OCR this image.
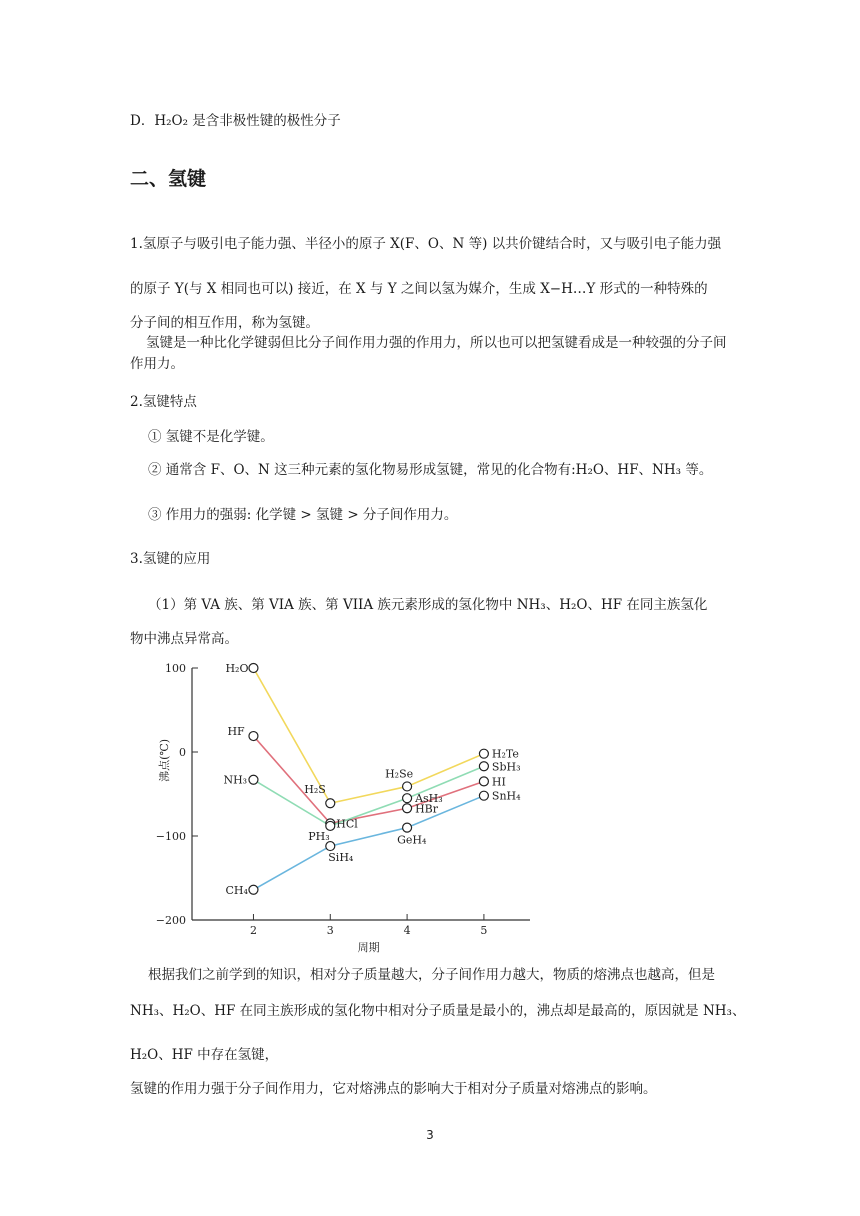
D．H₂O₂ 是含非极性键的极性分子
二、氢键
1.氢原子与吸引电子能力强、半径小的原子 X(F、O、N 等) 以共价键结合时，又与吸引电子能力强
的原子 Y(与 X 相同也可以) 接近，在 X 与 Y 之间以氢为媒介，生成 X−H…Y 形式的一种特殊的
分子间的相互作用，称为氢键。
氢键是一种比化学键弱但比分子间作用力强的作用力，所以也可以把氢键看成是一种较强的分子间
作用力。
2.氢键特点
① 氢键不是化学键。
② 通常含 F、O、N 这三种元素的氢化物易形成氢键，常见的化合物有:H₂O、HF、NH₃ 等。
③ 作用力的强弱: 化学键 > 氢键 > 分子间作用力。
3.氢键的应用
（1）第 VA 族、第 VIA 族、第 VIIA 族元素形成的氢化物中 NH₃、H₂O、HF 在同主族氢化
物中沸点异常高。
100
0
−100
−200
2	3	4	5
周期
沸点(℃)
H₂O
H₂S
H₂Se
H₂Te
HF
HCl
HBr
HI
NH₃
PH₃
AsH₃
SbH₃
CH₄
SiH₄
GeH₄
SnH₄
根据我们之前学到的知识，相对分子质量越大，分子间作用力越大，物质的熔沸点也越高，但是
NH₃、H₂O、HF 在同主族形成的氢化物中相对分子质量是最小的，沸点却是最高的，原因就是 NH₃、
H₂O、HF 中存在氢键，
氢键的作用力强于分子间作用力，它对熔沸点的影响大于相对分子质量对熔沸点的影响。
3
